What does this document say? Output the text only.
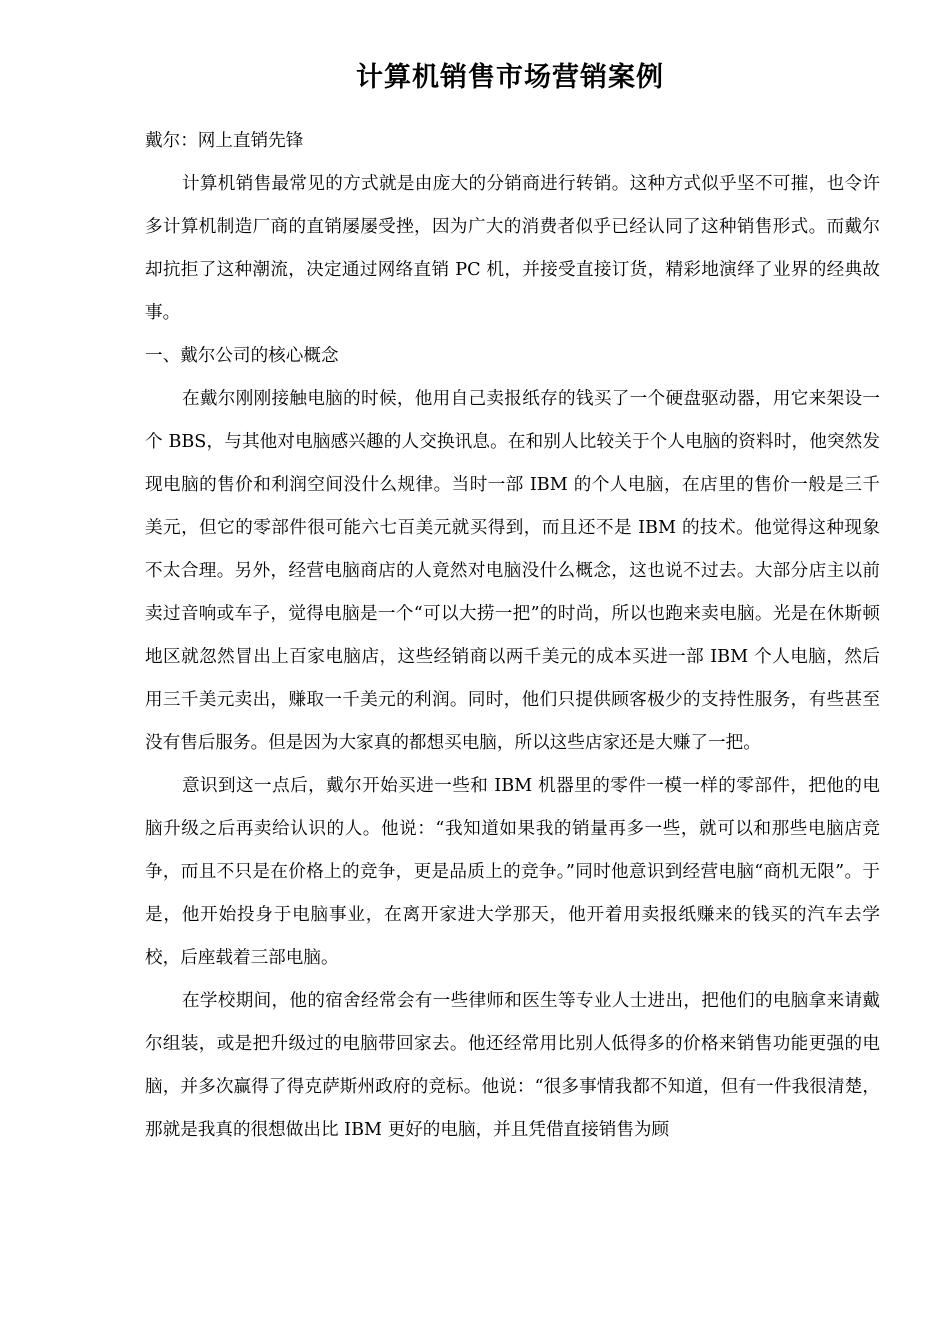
计算机销售市场营销案例

戴尔：网上直销先锋

计算机销售最常见的方式就是由庞大的分销商进行转销。这种方式似乎坚不可摧，也令许多计算机制造厂商的直销屡屡受挫，因为广大的消费者似乎已经认同了这种销售形式。而戴尔却抗拒了这种潮流，决定通过网络直销 PC 机，并接受直接订货，精彩地演绎了业界的经典故事。

一、戴尔公司的核心概念

在戴尔刚刚接触电脑的时候，他用自己卖报纸存的钱买了一个硬盘驱动器，用它来架设一个 BBS，与其他对电脑感兴趣的人交换讯息。在和别人比较关于个人电脑的资料时，他突然发现电脑的售价和利润空间没什么规律。当时一部 IBM 的个人电脑，在店里的售价一般是三千美元，但它的零部件很可能六七百美元就买得到，而且还不是 IBM 的技术。他觉得这种现象不太合理。另外，经营电脑商店的人竟然对电脑没什么概念，这也说不过去。大部分店主以前卖过音响或车子，觉得电脑是一个“可以大捞一把”的时尚，所以也跑来卖电脑。光是在休斯顿地区就忽然冒出上百家电脑店，这些经销商以两千美元的成本买进一部 IBM 个人电脑，然后用三千美元卖出，赚取一千美元的利润。同时，他们只提供顾客极少的支持性服务，有些甚至没有售后服务。但是因为大家真的都想买电脑，所以这些店家还是大赚了一把。

意识到这一点后，戴尔开始买进一些和 IBM 机器里的零件一模一样的零部件，把他的电脑升级之后再卖给认识的人。他说：“我知道如果我的销量再多一些，就可以和那些电脑店竞争，而且不只是在价格上的竞争，更是品质上的竞争。”同时他意识到经营电脑“商机无限”。于是，他开始投身于电脑事业，在离开家进大学那天，他开着用卖报纸赚来的钱买的汽车去学校，后座载着三部电脑。

在学校期间，他的宿舍经常会有一些律师和医生等专业人士进出，把他们的电脑拿来请戴尔组装，或是把升级过的电脑带回家去。他还经常用比别人低得多的价格来销售功能更强的电脑，并多次赢得了得克萨斯州政府的竞标。他说：“很多事情我都不知道，但有一件我很清楚，那就是我真的很想做出比 IBM 更好的电脑，并且凭借直接销售为顾
